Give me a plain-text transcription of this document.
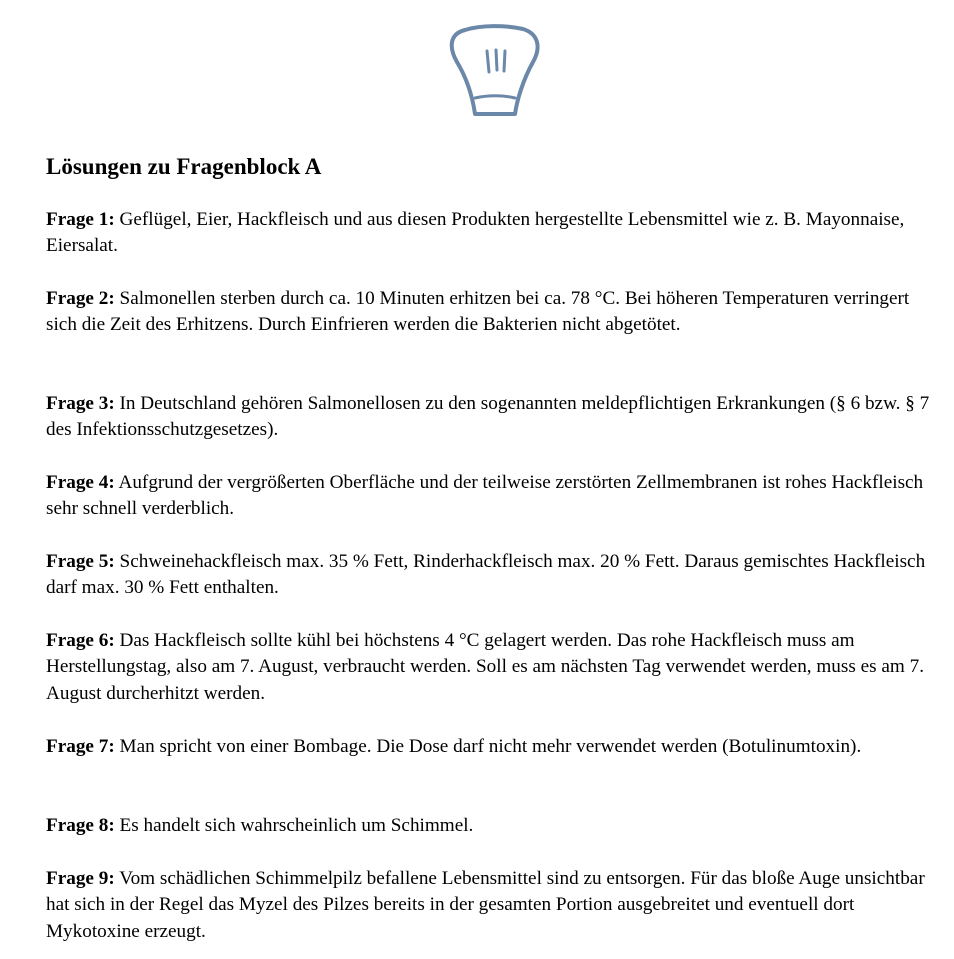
Lösungen zu Fragenblock A

Frage 1: Geflügel, Eier, Hackfleisch und aus diesen Produkten hergestellte Lebensmittel wie z. B. Mayonnaise, Eiersalat.

Frage 2: Salmonellen sterben durch ca. 10 Minuten erhitzen bei ca. 78 °C. Bei höheren Temperaturen verringert sich die Zeit des Erhitzens. Durch Einfrieren werden die Bakterien nicht abgetötet.

Frage 3: In Deutschland gehören Salmonellosen zu den sogenannten meldepflichtigen Erkrankungen (§ 6 bzw. § 7 des Infektionsschutzgesetzes).

Frage 4: Aufgrund der vergrößerten Oberfläche und der teilweise zerstörten Zellmembranen ist rohes Hackfleisch sehr schnell verderblich.

Frage 5: Schweinehackfleisch max. 35 % Fett, Rinderhackfleisch max. 20 % Fett. Daraus gemischtes Hackfleisch darf max. 30 % Fett enthalten.

Frage 6: Das Hackfleisch sollte kühl bei höchstens 4 °C gelagert werden. Das rohe Hackfleisch muss am Herstellungstag, also am 7. August, verbraucht werden. Soll es am nächsten Tag verwendet werden, muss es am 7. August durcherhitzt werden.

Frage 7: Man spricht von einer Bombage. Die Dose darf nicht mehr verwendet werden (Botulinumtoxin).

Frage 8: Es handelt sich wahrscheinlich um Schimmel.

Frage 9: Vom schädlichen Schimmelpilz befallene Lebensmittel sind zu entsorgen. Für das bloße Auge unsichtbar hat sich in der Regel das Myzel des Pilzes bereits in der gesamten Portion ausgebreitet und eventuell dort Mykotoxine erzeugt.
